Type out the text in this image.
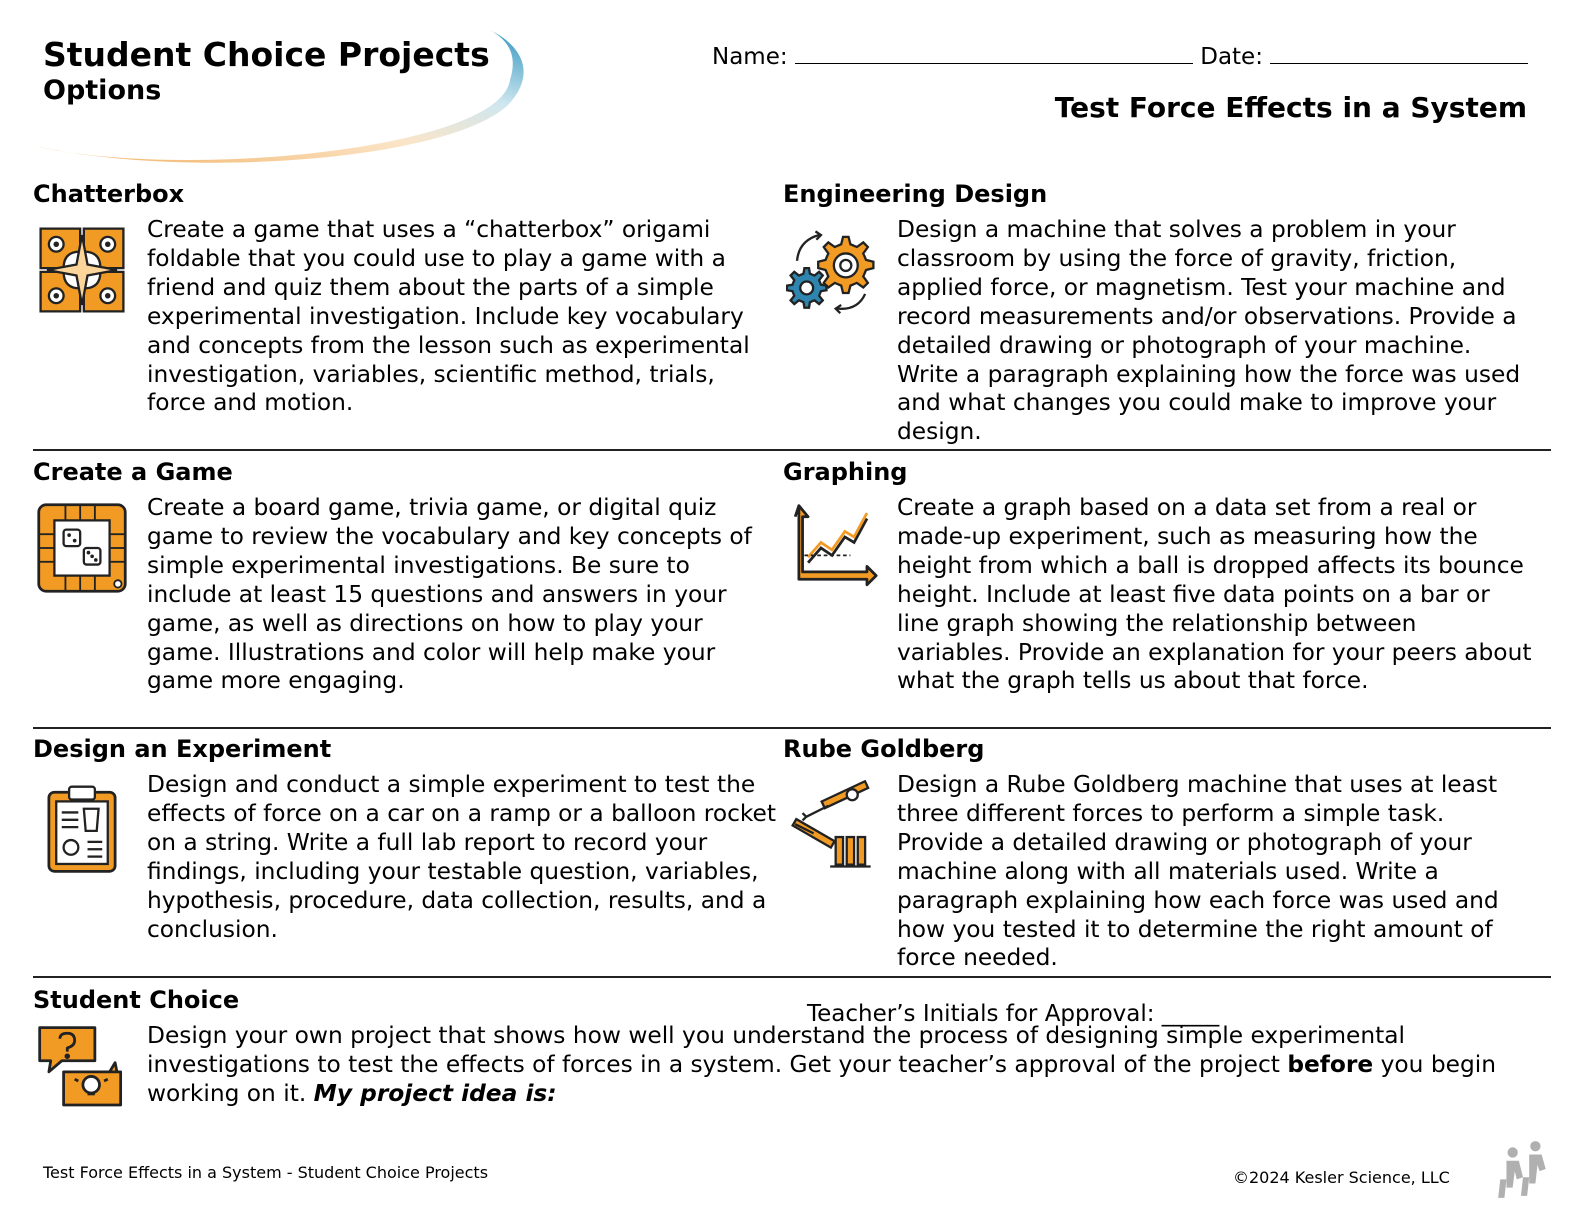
Student Choice Projects
Options
Name:	Date:
Test Force Effects in a System
Chatterbox
Create a game that uses a “chatterbox” origami foldable that you could use to play a game with a friend and quiz them about the parts of a simple experimental investigation. Include key vocabulary and concepts from the lesson such as experimental investigation, variables, scientific method, trials, force and motion.
Engineering Design
Design a machine that solves a problem in your classroom by using the force of gravity, friction, applied force, or magnetism. Test your machine and record measurements and/or observations. Provide a detailed drawing or photograph of your machine. Write a paragraph explaining how the force was used and what changes you could make to improve your design.
Create a Game
Create a board game, trivia game, or digital quiz game to review the vocabulary and key concepts of simple experimental investigations. Be sure to include at least 15 questions and answers in your game, as well as directions on how to play your game. Illustrations and color will help make your game more engaging.
Graphing
Create a graph based on a data set from a real or made-up experiment, such as measuring how the height from which a ball is dropped affects its bounce height. Include at least five data points on a bar or line graph showing the relationship between variables. Provide an explanation for your peers about what the graph tells us about that force.
Design an Experiment
Design and conduct a simple experiment to test the effects of force on a car on a ramp or a balloon rocket on a string. Write a full lab report to record your findings, including your testable question, variables, hypothesis, procedure, data collection, results, and a conclusion.
Rube Goldberg
Design a Rube Goldberg machine that uses at least three different forces to perform a simple task. Provide a detailed drawing or photograph of your machine along with all materials used. Write a paragraph explaining how each force was used and how you tested it to determine the right amount of force needed.
Student Choice	Teacher’s Initials for Approval: _____
Design your own project that shows how well you understand the process of designing simple experimental investigations to test the effects of forces in a system. Get your teacher’s approval of the project before you begin working on it. My project idea is:
Test Force Effects in a System - Student Choice Projects	©2024 Kesler Science, LLC
